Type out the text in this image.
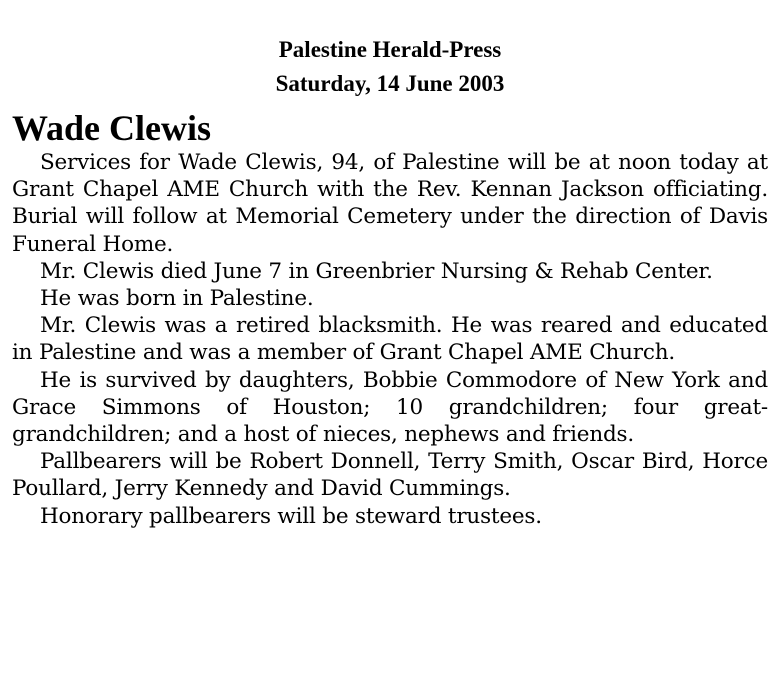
Palestine Herald-Press
Saturday, 14 June 2003
Wade Clewis

Services for Wade Clewis, 94, of Palestine will be at noon today at Grant Chapel AME Church with the Rev. Kennan Jackson officiating. Burial will follow at Memorial Cemetery under the direction of Davis Funeral Home.

Mr. Clewis died June 7 in Greenbrier Nursing & Rehab Center.

He was born in Palestine.

Mr. Clewis was a retired blacksmith. He was reared and educated in Palestine and was a member of Grant Chapel AME Church.

He is survived by daughters, Bobbie Commodore of New York and Grace Simmons of Houston; 10 grandchildren; four great-grandchildren; and a host of nieces, nephews and friends.

Pallbearers will be Robert Donnell, Terry Smith, Oscar Bird, Horce Poullard, Jerry Kennedy and David Cummings.

Honorary pallbearers will be steward trustees.
